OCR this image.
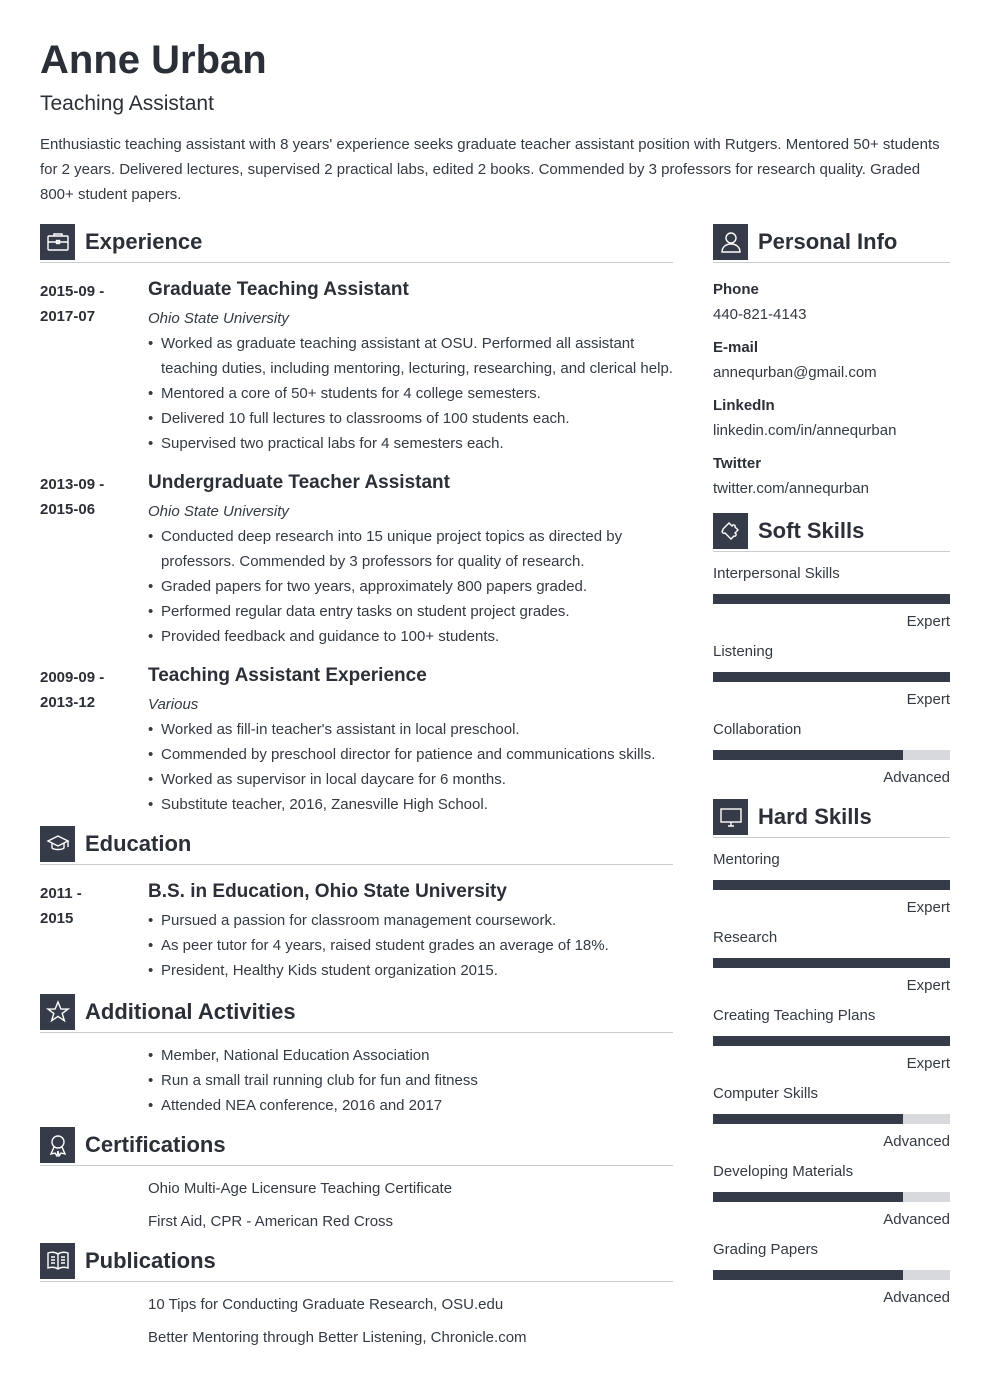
Anne Urban
Teaching Assistant
Enthusiastic teaching assistant with 8 years' experience seeks graduate teacher assistant position with Rutgers. Mentored 50+ students for 2 years. Delivered lectures, supervised 2 practical labs, edited 2 books. Commended by 3 professors for research quality. Graded 800+ student papers.
Experience
2015-09 -
2017-07
Graduate Teaching Assistant
Ohio State University
• Worked as graduate teaching assistant at OSU. Performed all assistant teaching duties, including mentoring, lecturing, researching, and clerical help.
• Mentored a core of 50+ students for 4 college semesters.
• Delivered 10 full lectures to classrooms of 100 students each.
• Supervised two practical labs for 4 semesters each.
2013-09 -
2015-06
Undergraduate Teacher Assistant
Ohio State University
• Conducted deep research into 15 unique project topics as directed by professors. Commended by 3 professors for quality of research.
• Graded papers for two years, approximately 800 papers graded.
• Performed regular data entry tasks on student project grades.
• Provided feedback and guidance to 100+ students.
2009-09 -
2013-12
Teaching Assistant Experience
Various
• Worked as fill-in teacher's assistant in local preschool.
• Commended by preschool director for patience and communications skills.
• Worked as supervisor in local daycare for 6 months.
• Substitute teacher, 2016, Zanesville High School.
Education
2011 -
2015
B.S. in Education, Ohio State University
• Pursued a passion for classroom management coursework.
• As peer tutor for 4 years, raised student grades an average of 18%.
• President, Healthy Kids student organization 2015.
Additional Activities
• Member, National Education Association
• Run a small trail running club for fun and fitness
• Attended NEA conference, 2016 and 2017
Certifications
Ohio Multi-Age Licensure Teaching Certificate
First Aid, CPR - American Red Cross
Publications
10 Tips for Conducting Graduate Research, OSU.edu
Better Mentoring through Better Listening, Chronicle.com
Personal Info
Phone
440-821-4143
E-mail
annequrban@gmail.com
LinkedIn
linkedin.com/in/annequrban
Twitter
twitter.com/annequrban
Soft Skills
Interpersonal Skills
Expert
Listening
Expert
Collaboration
Advanced
Hard Skills
Mentoring
Expert
Research
Expert
Creating Teaching Plans
Expert
Computer Skills
Advanced
Developing Materials
Advanced
Grading Papers
Advanced
